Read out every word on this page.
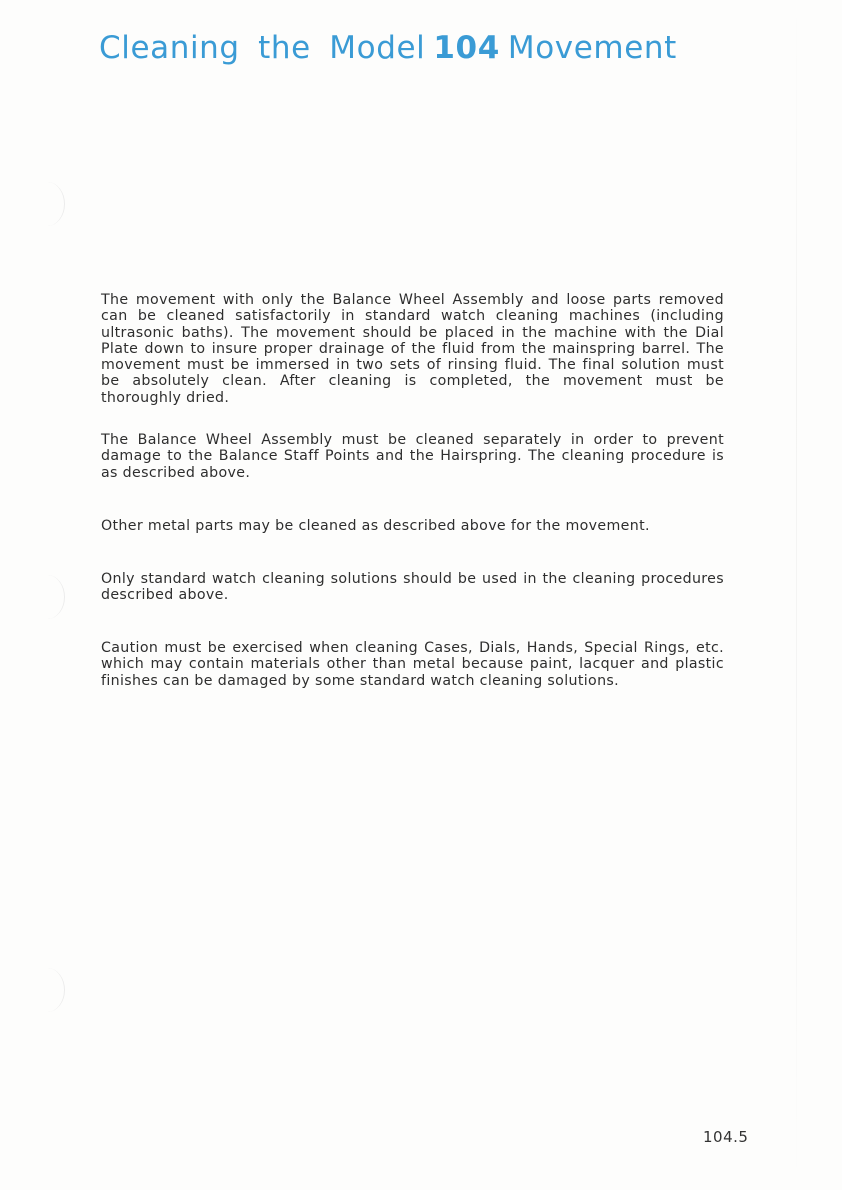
Cleaning the Model 104 Movement

The movement with only the Balance Wheel Assembly and loose parts removed can be cleaned satisfactorily in standard watch cleaning machines (including ultrasonic baths). The movement should be placed in the machine with the Dial Plate down to insure proper drainage of the fluid from the mainspring barrel. The movement must be immersed in two sets of rinsing fluid. The final solution must be absolutely clean. After cleaning is completed, the movement must be thoroughly dried.

The Balance Wheel Assembly must be cleaned separately in order to prevent damage to the Balance Staff Points and the Hairspring. The cleaning procedure is as described above.

Other metal parts may be cleaned as described above for the movement.

Only standard watch cleaning solutions should be used in the cleaning procedures described above.

Caution must be exercised when cleaning Cases, Dials, Hands, Special Rings, etc. which may contain materials other than metal because paint, lacquer and plastic finishes can be damaged by some standard watch cleaning solutions.

104.5
